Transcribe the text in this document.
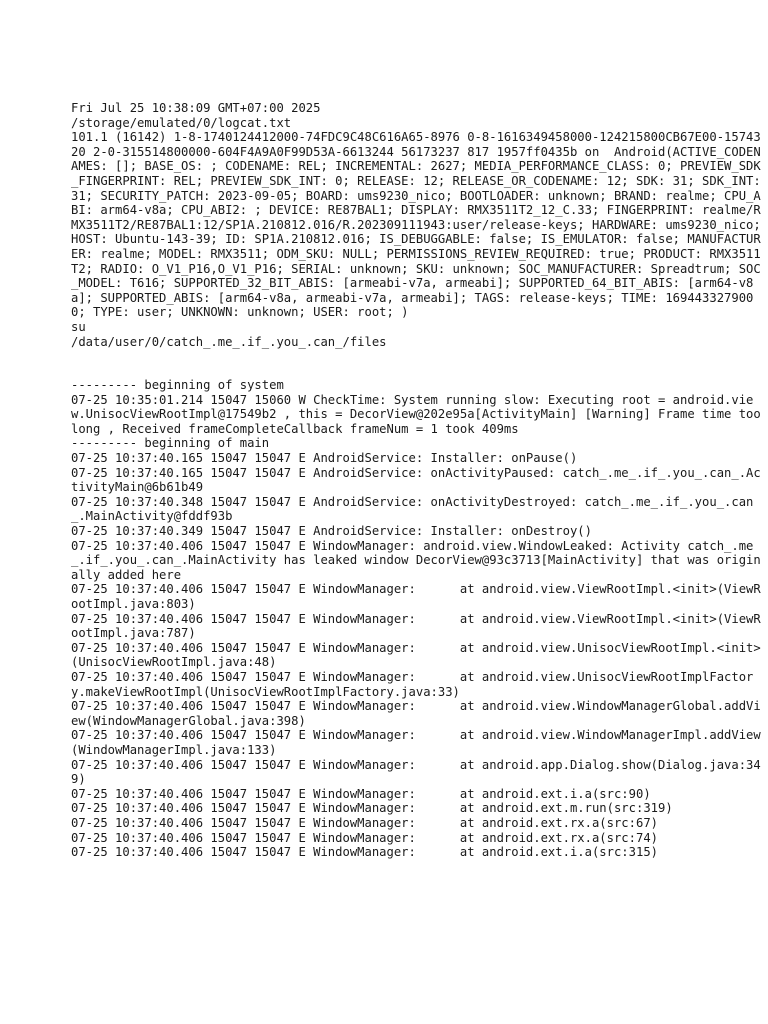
Fri Jul 25 10:38:09 GMT+07:00 2025
/storage/emulated/0/logcat.txt
101.1 (16142) 1-8-1740124412000-74FDC9C48C616A65-8976 0-8-1616349458000-124215800CB67E00-1574320 2-0-315514800000-604F4A9A0F99D53A-6613244 56173237 817 1957ff0435b on  Android(ACTIVE_CODENAMES: []; BASE_OS: ; CODENAME: REL; INCREMENTAL: 2627; MEDIA_PERFORMANCE_CLASS: 0; PREVIEW_SDK_FINGERPRINT: REL; PREVIEW_SDK_INT: 0; RELEASE: 12; RELEASE_OR_CODENAME: 12; SDK: 31; SDK_INT: 31; SECURITY_PATCH: 2023-09-05; BOARD: ums9230_nico; BOOTLOADER: unknown; BRAND: realme; CPU_ABI: arm64-v8a; CPU_ABI2: ; DEVICE: RE87BAL1; DISPLAY: RMX3511T2_12_C.33; FINGERPRINT: realme/RMX3511T2/RE87BAL1:12/SP1A.210812.016/R.202309111943:user/release-keys; HARDWARE: ums9230_nico; HOST: Ubuntu-143-39; ID: SP1A.210812.016; IS_DEBUGGABLE: false; IS_EMULATOR: false; MANUFACTURER: realme; MODEL: RMX3511; ODM_SKU: NULL; PERMISSIONS_REVIEW_REQUIRED: true; PRODUCT: RMX3511T2; RADIO: O_V1_P16,O_V1_P16; SERIAL: unknown; SKU: unknown; SOC_MANUFACTURER: Spreadtrum; SOC_MODEL: T616; SUPPORTED_32_BIT_ABIS: [armeabi-v7a, armeabi]; SUPPORTED_64_BIT_ABIS: [arm64-v8a]; SUPPORTED_ABIS: [arm64-v8a, armeabi-v7a, armeabi]; TAGS: release-keys; TIME: 1694433279000; TYPE: user; UNKNOWN: unknown; USER: root; )
su
/data/user/0/catch_.me_.if_.you_.can_/files
--------- beginning of system
07-25 10:35:01.214 15047 15060 W CheckTime: System running slow: Executing root = android.view.UnisocViewRootImpl@17549b2 , this = DecorView@202e95a[ActivityMain] [Warning] Frame time too long , Received frameCompleteCallback frameNum = 1 took 409ms
--------- beginning of main
07-25 10:37:40.165 15047 15047 E AndroidService: Installer: onPause()
07-25 10:37:40.165 15047 15047 E AndroidService: onActivityPaused: catch_.me_.if_.you_.can_.ActivityMain@6b61b49
07-25 10:37:40.348 15047 15047 E AndroidService: onActivityDestroyed: catch_.me_.if_.you_.can_.MainActivity@fddf93b
07-25 10:37:40.349 15047 15047 E AndroidService: Installer: onDestroy()
07-25 10:37:40.406 15047 15047 E WindowManager: android.view.WindowLeaked: Activity catch_.me_.if_.you_.can_.MainActivity has leaked window DecorView@93c3713[MainActivity] that was originally added here
07-25 10:37:40.406 15047 15047 E WindowManager:      at android.view.ViewRootImpl.<init>(ViewRootImpl.java:803)
07-25 10:37:40.406 15047 15047 E WindowManager:      at android.view.ViewRootImpl.<init>(ViewRootImpl.java:787)
07-25 10:37:40.406 15047 15047 E WindowManager:      at android.view.UnisocViewRootImpl.<init>(UnisocViewRootImpl.java:48)
07-25 10:37:40.406 15047 15047 E WindowManager:      at android.view.UnisocViewRootImplFactory.makeViewRootImpl(UnisocViewRootImplFactory.java:33)
07-25 10:37:40.406 15047 15047 E WindowManager:      at android.view.WindowManagerGlobal.addView(WindowManagerGlobal.java:398)
07-25 10:37:40.406 15047 15047 E WindowManager:      at android.view.WindowManagerImpl.addView(WindowManagerImpl.java:133)
07-25 10:37:40.406 15047 15047 E WindowManager:      at android.app.Dialog.show(Dialog.java:349)
07-25 10:37:40.406 15047 15047 E WindowManager:      at android.ext.i.a(src:90)
07-25 10:37:40.406 15047 15047 E WindowManager:      at android.ext.m.run(src:319)
07-25 10:37:40.406 15047 15047 E WindowManager:      at android.ext.rx.a(src:67)
07-25 10:37:40.406 15047 15047 E WindowManager:      at android.ext.rx.a(src:74)
07-25 10:37:40.406 15047 15047 E WindowManager:      at android.ext.i.a(src:315)
